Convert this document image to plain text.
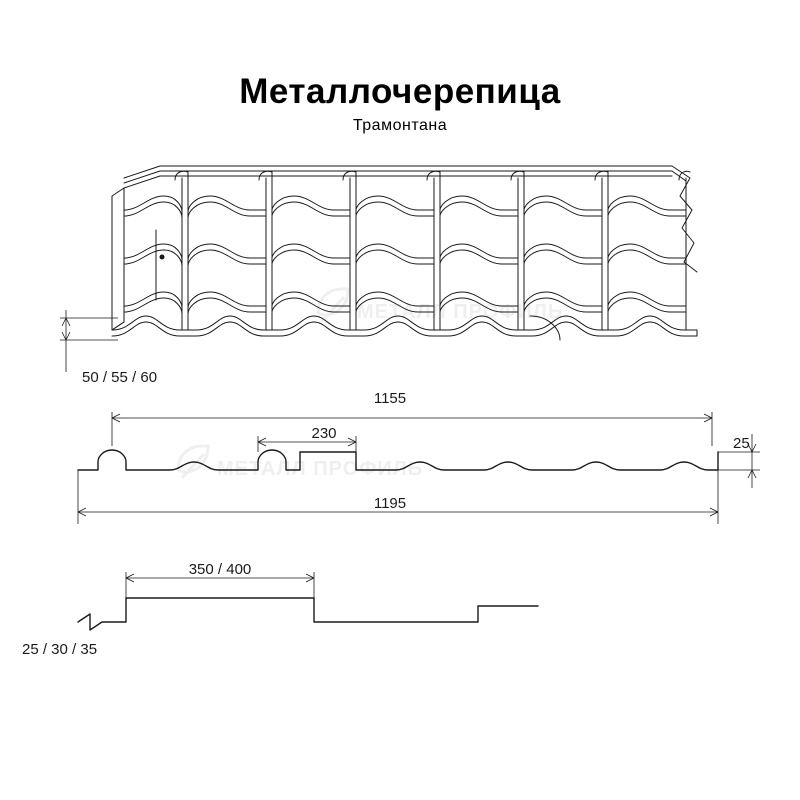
Металлочерепица
Трамонтана
МЕТАЛЛ ПРОФИЛЬ
МЕТАЛЛ ПРОФИЛЬ
50 / 55 / 60
1155
230
1195
25
350 / 400
25 / 30 / 35
